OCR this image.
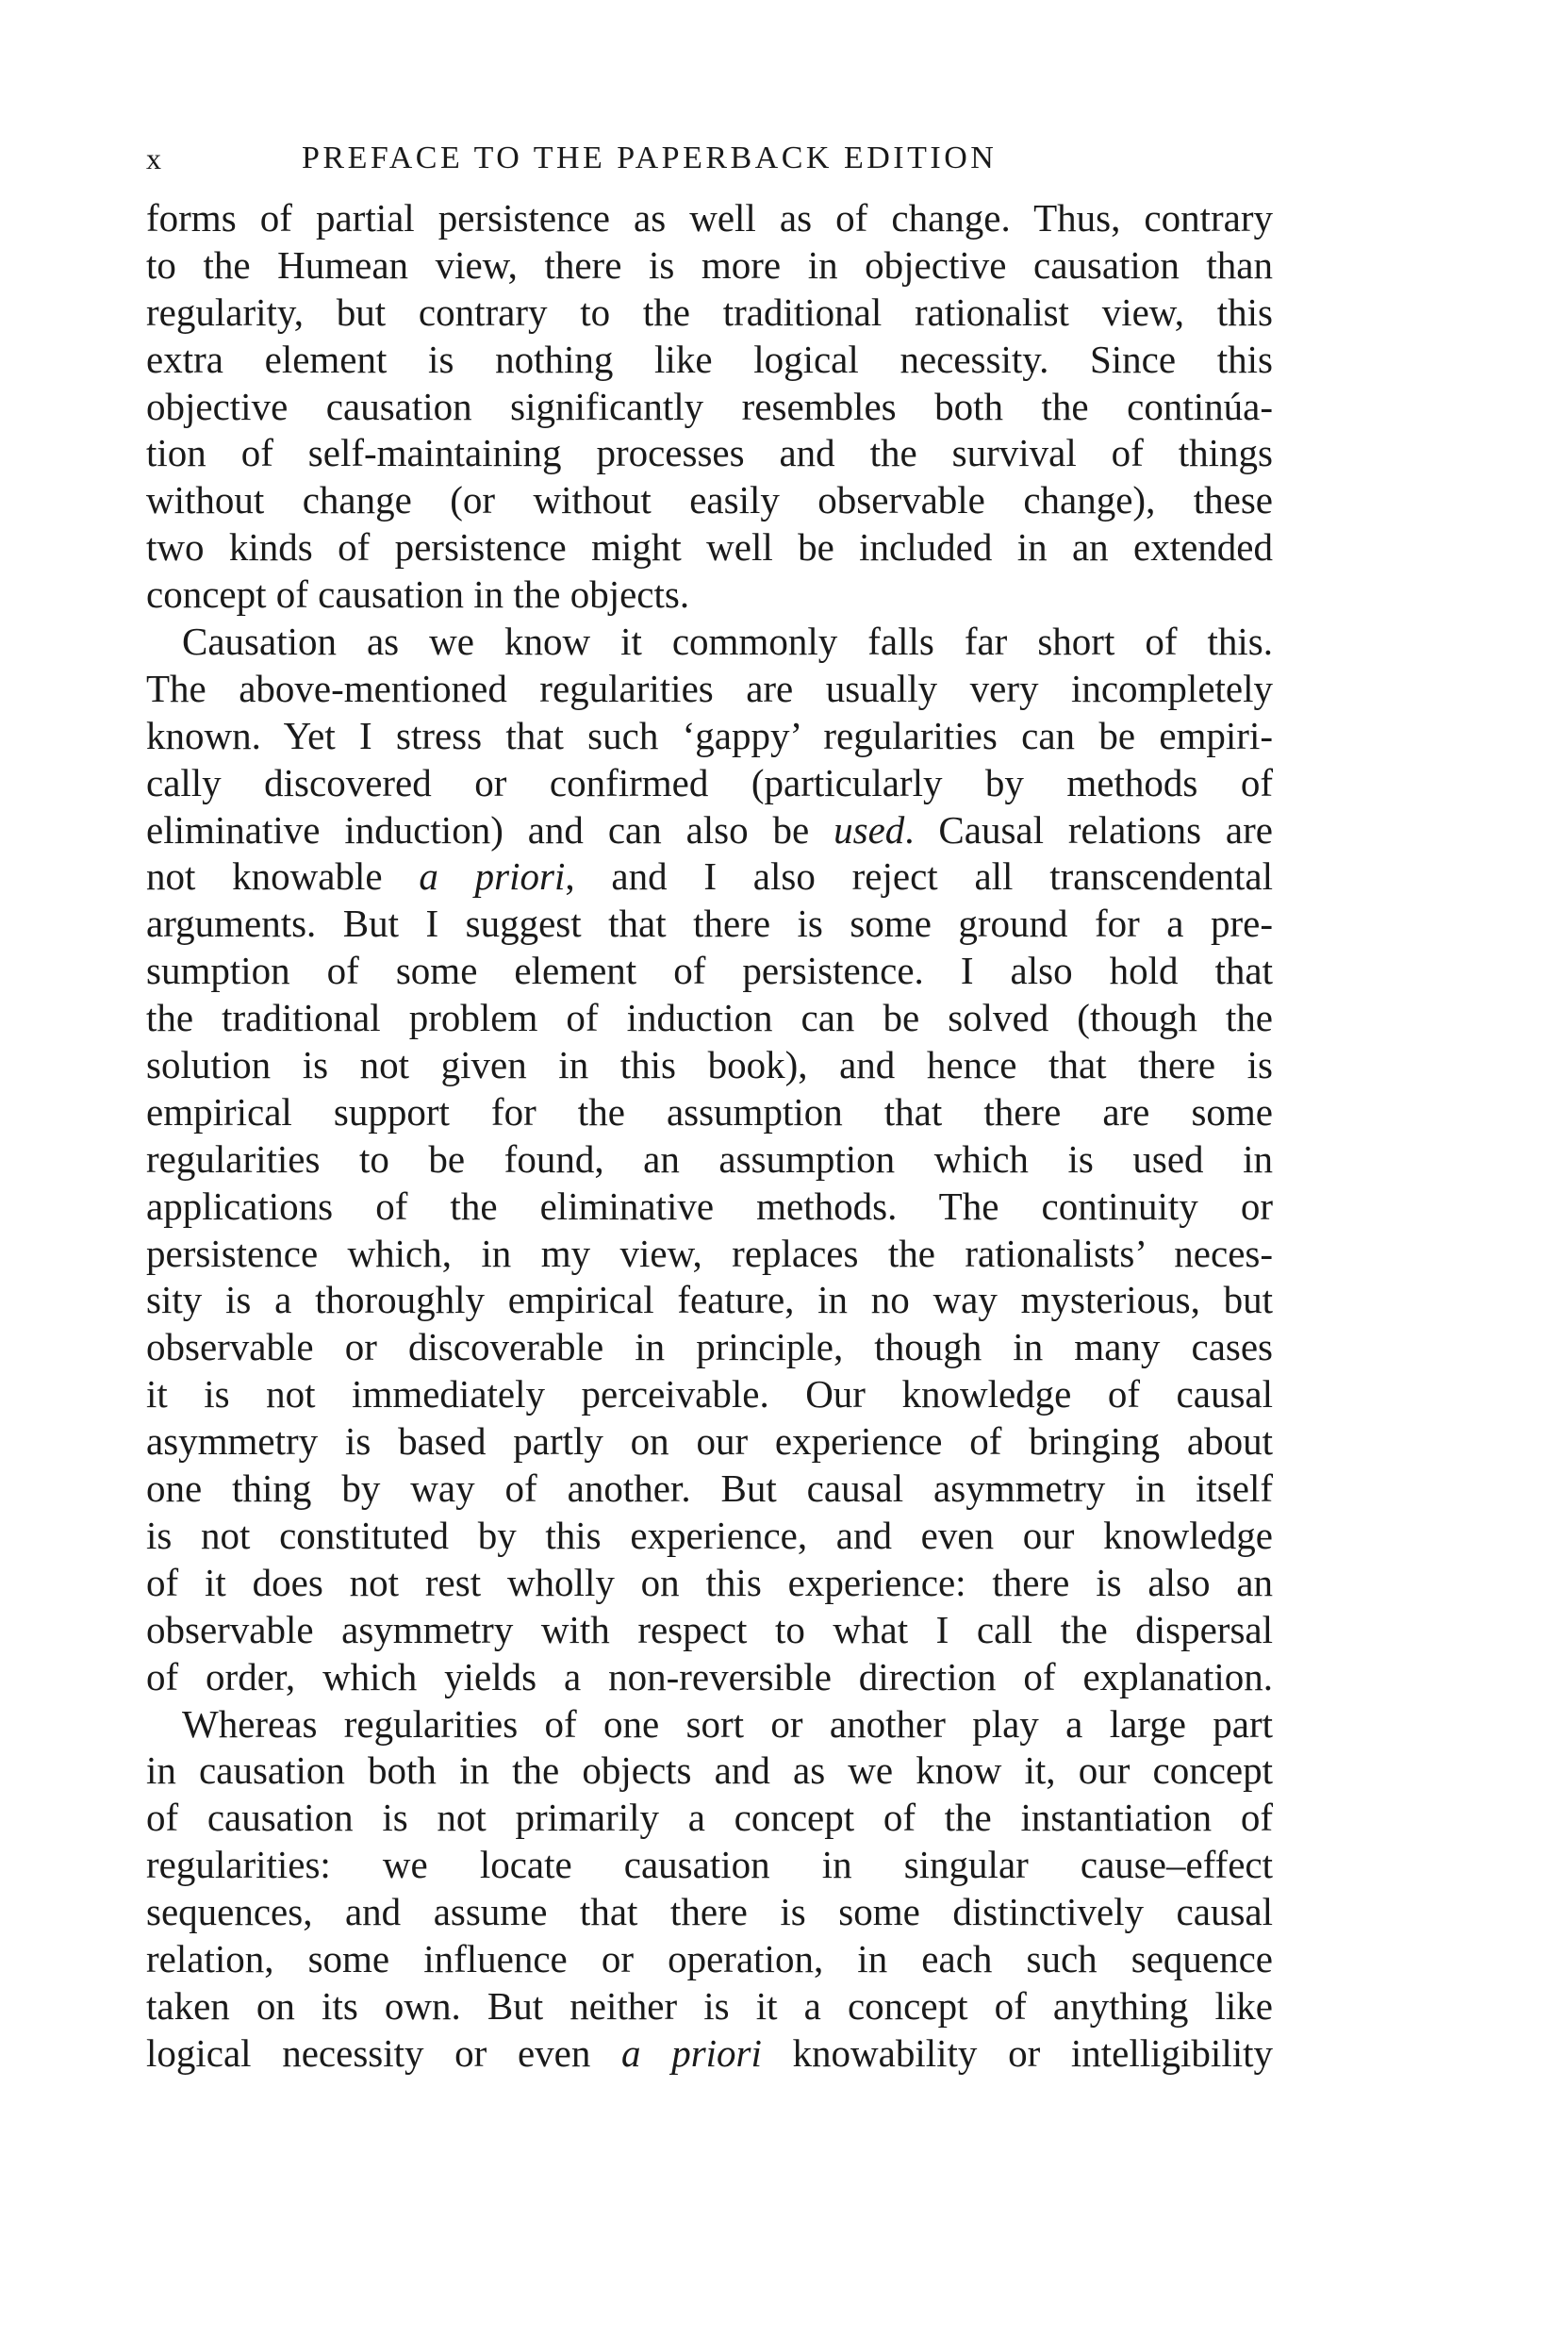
x	PREFACE TO THE PAPERBACK EDITION
forms of partial persistence as well as of change. Thus, contrary
to the Humean view, there is more in objective causation than
regularity, but contrary to the traditional rationalist view, this
extra element is nothing like logical necessity. Since this
objective causation significantly resembles both the continúa-
tion of self-maintaining processes and the survival of things
without change (or without easily observable change), these
two kinds of persistence might well be included in an extended
concept of causation in the objects.
Causation as we know it commonly falls far short of this.
The above-mentioned regularities are usually very incompletely
known. Yet I stress that such ‘gappy’ regularities can be empiri-
cally discovered or confirmed (particularly by methods of
eliminative induction) and can also be used. Causal relations are
not knowable a priori, and I also reject all transcendental
arguments. But I suggest that there is some ground for a pre-
sumption of some element of persistence. I also hold that
the traditional problem of induction can be solved (though the
solution is not given in this book), and hence that there is
empirical support for the assumption that there are some
regularities to be found, an assumption which is used in
applications of the eliminative methods. The continuity or
persistence which, in my view, replaces the rationalists’ neces-
sity is a thoroughly empirical feature, in no way mysterious, but
observable or discoverable in principle, though in many cases
it is not immediately perceivable. Our knowledge of causal
asymmetry is based partly on our experience of bringing about
one thing by way of another. But causal asymmetry in itself
is not constituted by this experience, and even our knowledge
of it does not rest wholly on this experience: there is also an
observable asymmetry with respect to what I call the dispersal
of order, which yields a non-reversible direction of explanation.
Whereas regularities of one sort or another play a large part
in causation both in the objects and as we know it, our concept
of causation is not primarily a concept of the instantiation of
regularities: we locate causation in singular cause–effect
sequences, and assume that there is some distinctively causal
relation, some influence or operation, in each such sequence
taken on its own. But neither is it a concept of anything like
logical necessity or even a priori knowability or intelligibility
